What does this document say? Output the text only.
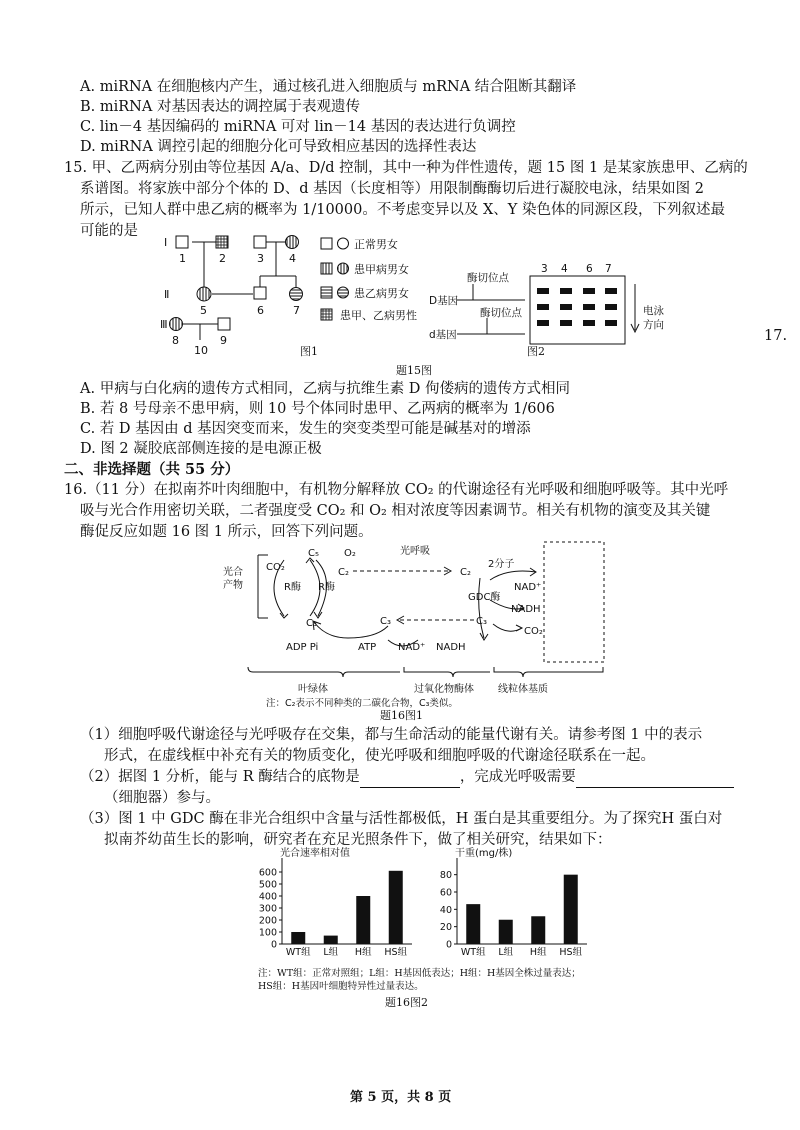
A. miRNA 在细胞核内产生，通过核孔进入细胞质与 mRNA 结合阻断其翻译
B. miRNA 对基因表达的调控属于表观遗传
C. lin－4 基因编码的 miRNA 可对 lin－14 基因的表达进行负调控
D. miRNA 调控引起的细胞分化可导致相应基因的选择性表达
15. 甲、乙两病分别由等位基因 A/a、D/d 控制，其中一种为伴性遗传，题 15 图 1 是某家族患甲、乙病的
系谱图。将家族中部分个体的 D、d 基因（长度相等）用限制酶酶切后进行凝胶电泳，结果如图 2
所示，已知人群中患乙病的概率为 1/10000。不考虑变异以及 X、Y 染色体的同源区段，下列叙述最
可能的是
Ⅰ
Ⅱ
Ⅲ
1	2	3 4
5	6	7
8	9
10
正常男女
患甲病男女
患乙病男女
患甲、乙病男性
图1
酶切位点
酶切位点
D基因
d基因
3 4 6 7
电泳
方向
图2
17.
题15图
A. 甲病与白化病的遗传方式相同，乙病与抗维生素 D 佝偻病的遗传方式相同
B. 若 8 号母亲不患甲病，则 10 号个体同时患甲、乙两病的概率为 1/606
C. 若 D 基因由 d 基因突变而来，发生的突变类型可能是碱基对的增添
D. 图 2 凝胶底部侧连接的是电源正极
二、非选择题（共 55 分）
16.（11 分）在拟南芥叶肉细胞中，有机物分解释放 CO₂ 的代谢途径有光呼吸和细胞呼吸等。其中光呼
吸与光合作用密切关联，二者强度受 CO₂ 和 O₂ 相对浓度等因素调节。相关有机物的演变及其关键
酶促反应如题 16 图 1 所示，回答下列问题。
光合
产物
CO₂
C₅	O₂
R酶 R酶
C₂
光呼吸
C₂
2分子
NAD⁺
GDC酶
NADH
CO₂
C₃	C₃	C₃
ADP Pi	ATP NAD⁺ NADH
叶绿体	过氧化物酶体 线粒体基质
注：C₂表示不同种类的二碳化合物，C₃类似。
题16图1
（1）细胞呼吸代谢途径与光呼吸存在交集，都与生命活动的能量代谢有关。请参考图 1 中的表示
形式，在虚线框中补充有关的物质变化，使光呼吸和细胞呼吸的代谢途径联系在一起。
（2）据图 1 分析，能与 R 酶结合的底物是	，完成光呼吸需要
（细胞器）参与。
（3）图 1 中 GDC 酶在非光合组织中含量与活性都极低，H 蛋白是其重要组分。为了探究H 蛋白对
拟南芥幼苗生长的影响，研究者在充足光照条件下，做了相关研究，结果如下：
光合速率相对值
0
100
200
300
400
500
600
WT组 L组 H组 HS组
干重(mg/株)
0
20
40
60
80
WT组 L组 H组 HS组
注：WT组：正常对照组；L组：H基因低表达；H组：H基因全株过量表达；
HS组：H基因叶细胞特异性过量表达。
题16图2
第 5 页，共 8 页
